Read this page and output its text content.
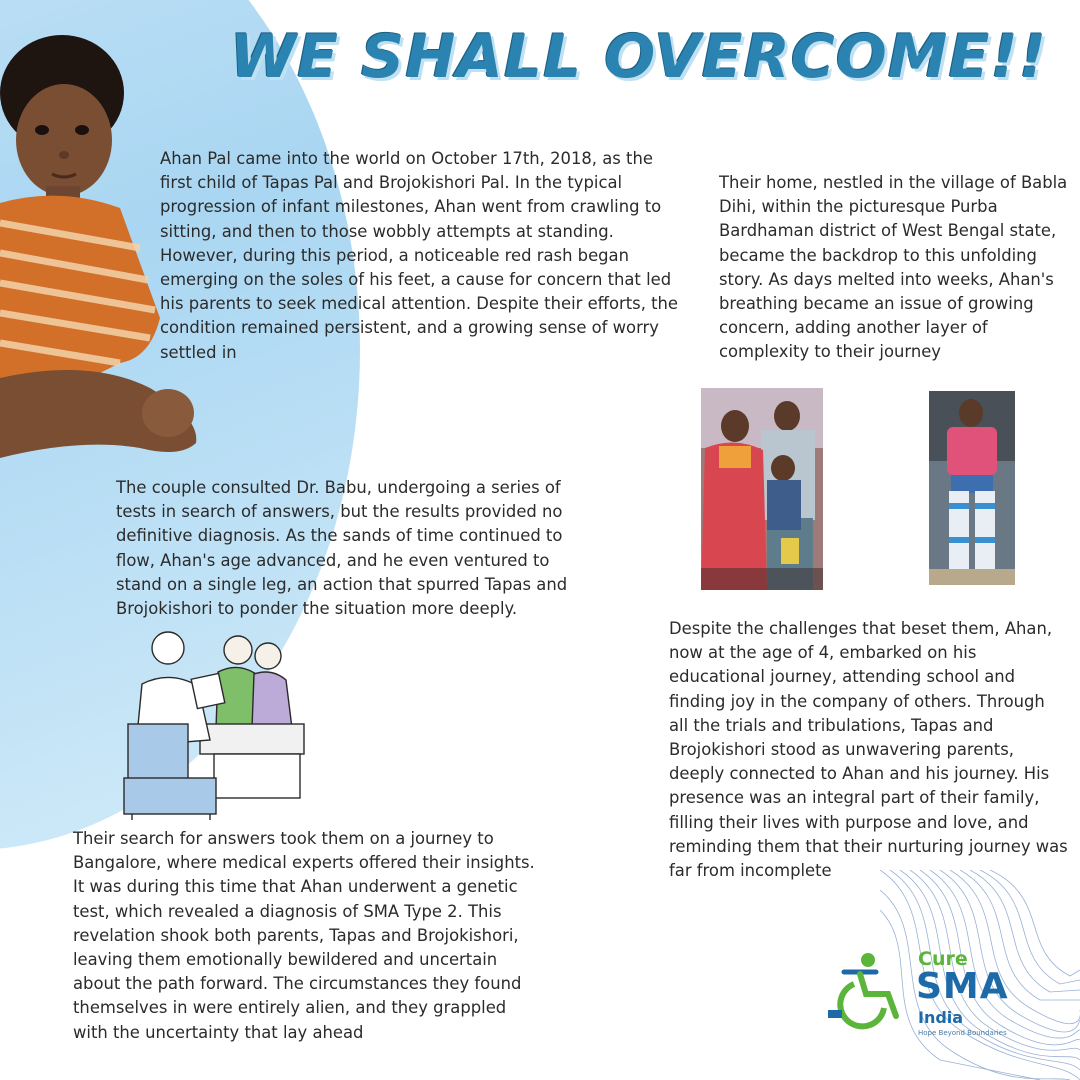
WE SHALL OVERCOME!!

Ahan Pal came into the world on October 17th, 2018, as the first child of Tapas Pal and Brojokishori Pal. In the typical progression of infant milestones, Ahan went from crawling to sitting, and then to those wobbly attempts at standing. However, during this period, a noticeable red rash began emerging on the soles of his feet, a cause for concern that led his parents to seek medical attention. Despite their efforts, the condition remained persistent, and a growing sense of worry settled in

Their home, nestled in the village of Babla Dihi, within the picturesque Purba Bardhaman district of West Bengal state, became the backdrop to this unfolding story. As days melted into weeks, Ahan's breathing became an issue of growing concern, adding another layer of complexity to their journey

The couple consulted Dr. Babu, undergoing a series of tests in search of answers, but the results provided no definitive diagnosis. As the sands of time continued to flow, Ahan's age advanced, and he even ventured to stand on a single leg, an action that spurred Tapas and Brojokishori to ponder the situation more deeply.

Despite the challenges that beset them, Ahan, now at the age of 4, embarked on his educational journey, attending school and finding joy in the company of others. Through all the trials and tribulations, Tapas and Brojokishori stood as unwavering parents, deeply connected to Ahan and his journey. His presence was an integral part of their family, filling their lives with purpose and love, and reminding them that their nurturing journey was far from incomplete

Their search for answers took them on a journey to Bangalore, where medical experts offered their insights. It was during this time that Ahan underwent a genetic test, which revealed a diagnosis of SMA Type 2. This revelation shook both parents, Tapas and Brojokishori, leaving them emotionally bewildered and uncertain about the path forward. The circumstances they found themselves in were entirely alien, and they grappled with the uncertainty that lay ahead

Cure
SMA
India
Hope Beyond Boundaries
